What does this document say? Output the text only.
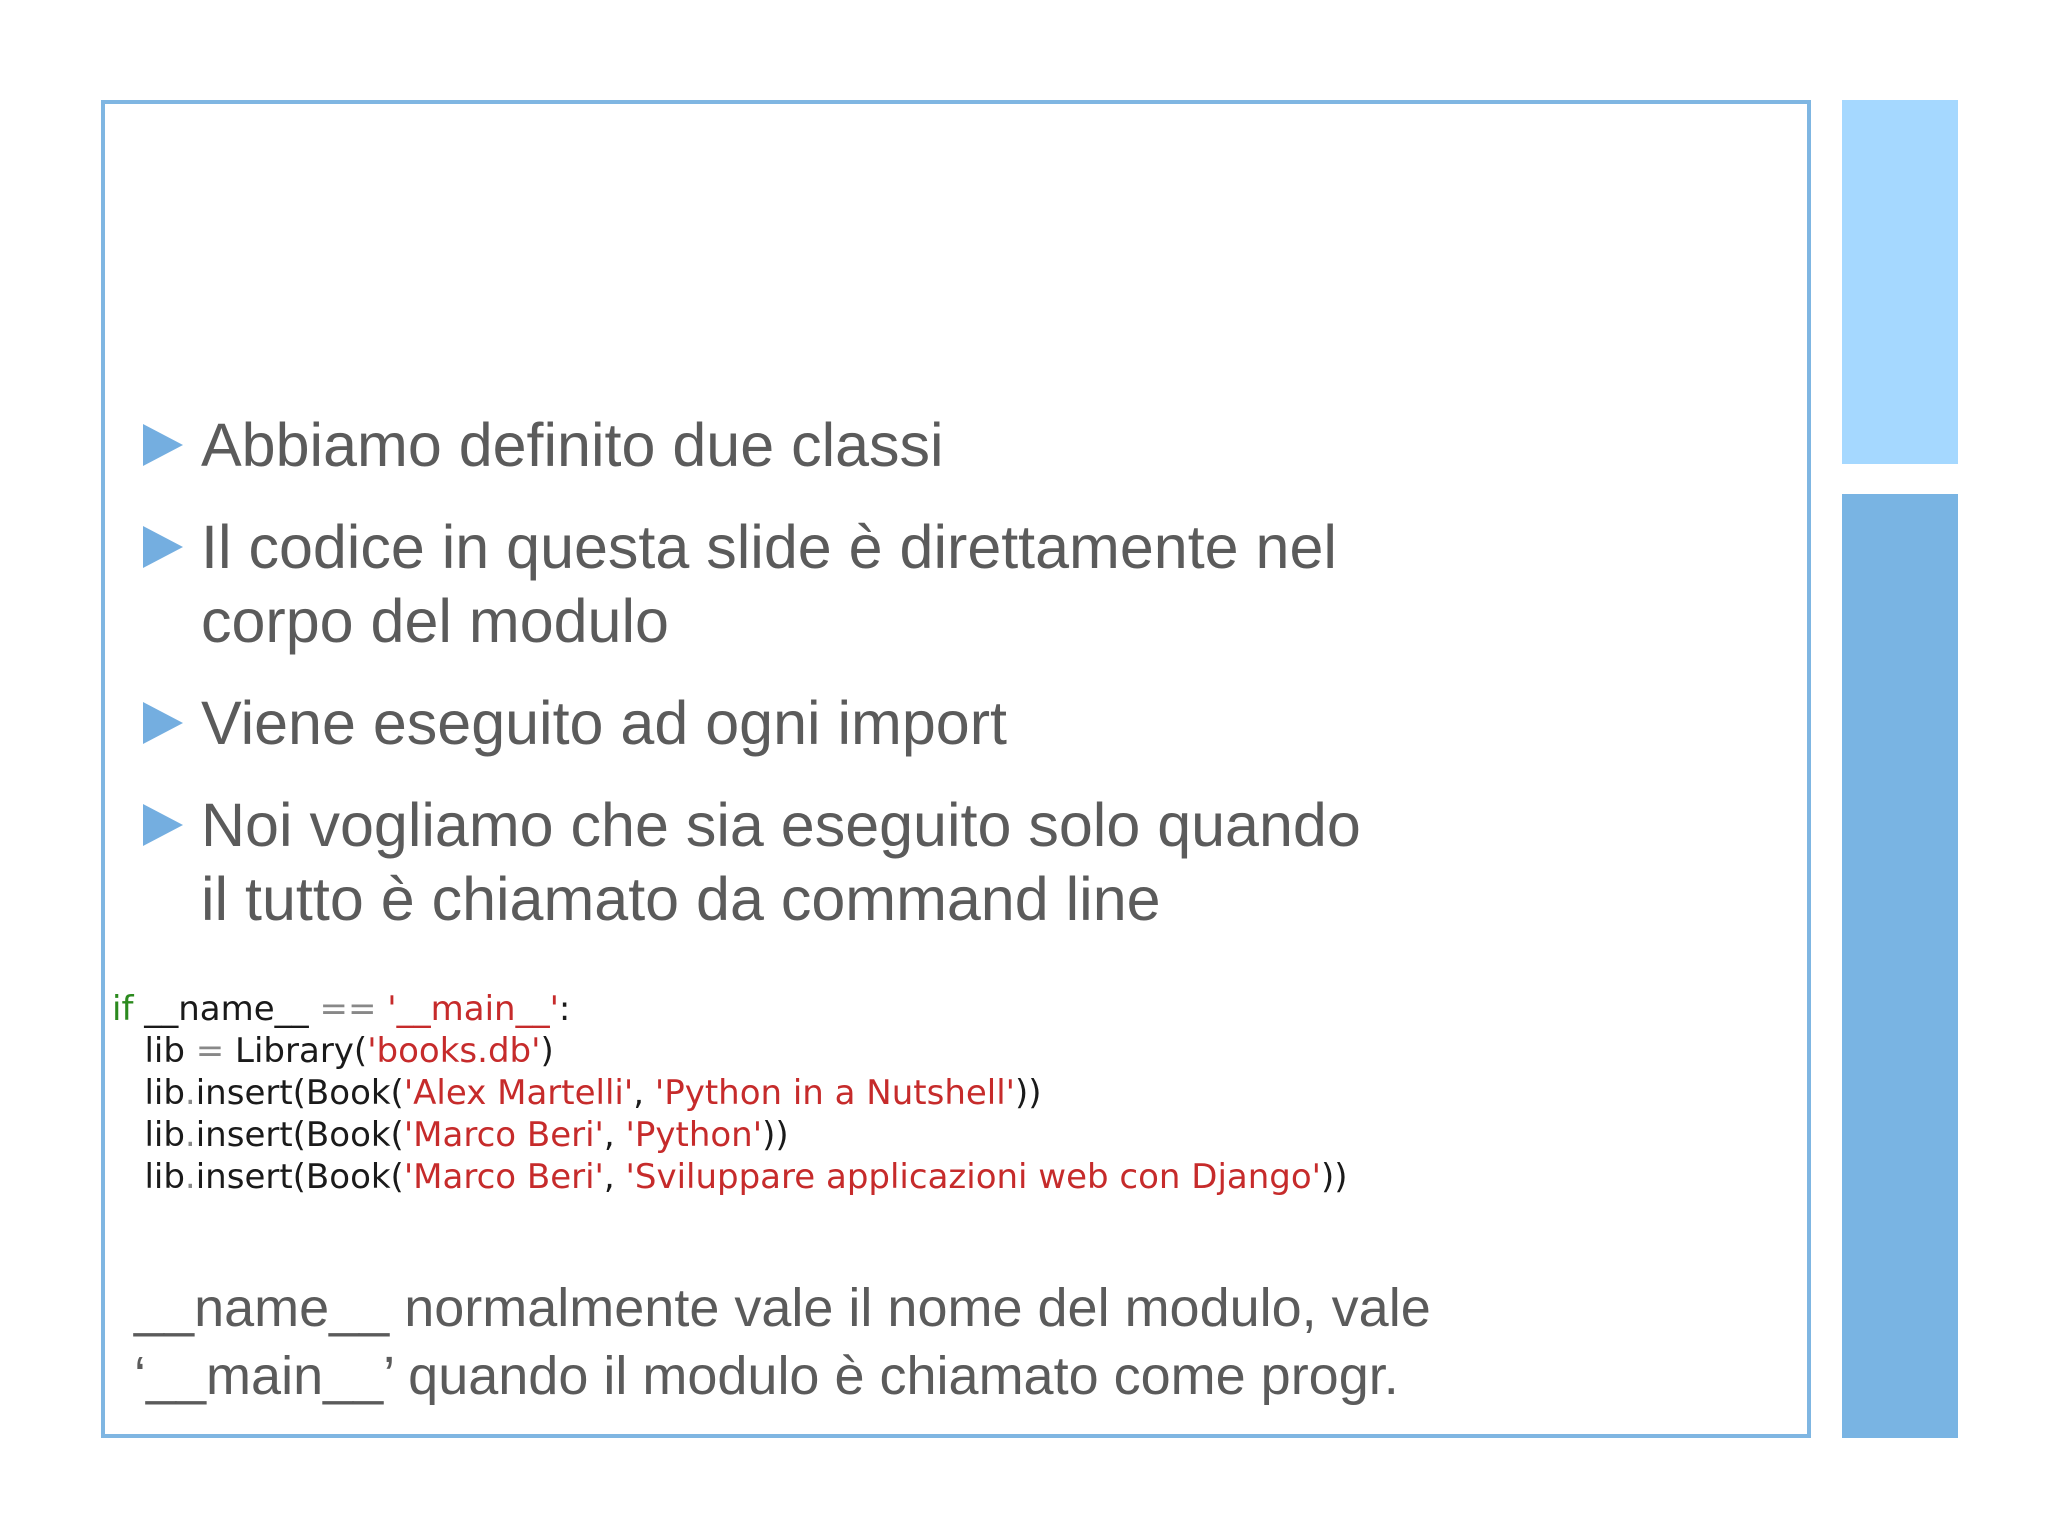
Abbiamo definito due classi
Il codice in questa slide è direttamente nel
corpo del modulo
Viene eseguito ad ogni import
Noi vogliamo che sia eseguito solo quando
il tutto è chiamato da command line
if __name__ == '__main__':
lib = Library('books.db')
lib.insert(Book('Alex Martelli', 'Python in a Nutshell'))
lib.insert(Book('Marco Beri', 'Python'))
lib.insert(Book('Marco Beri', 'Sviluppare applicazioni web con Django'))

__name__ normalmente vale il nome del modulo, vale
‘__main__’ quando il modulo è chiamato come progr.
